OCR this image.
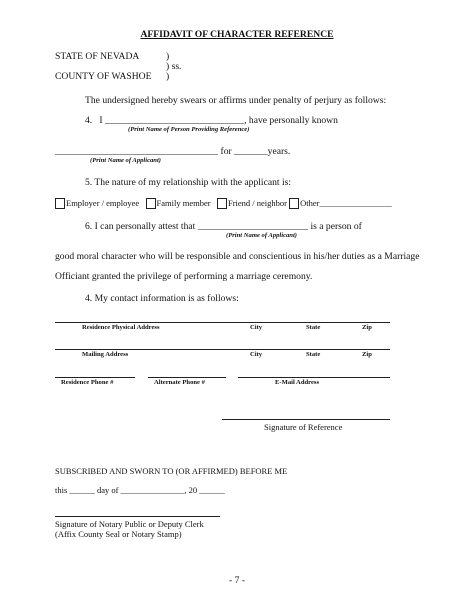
AFFIDAVIT OF CHARACTER REFERENCE
STATE OF NEVADA	)
) ss.
COUNTY OF WASHOE )
The undersigned hereby swears or affirms under penalty of perjury as follows:
4. I _____________________________, have personally known
(Print Name of Person Providing Reference)
__________________________________ for _______years.
(Print Name of Applicant)
5. The nature of my relationship with the applicant is:
Employer / employee Family member Friend / neighbor Other_________________
6. I can personally attest that _______________________ is a person of
(Print Name of Applicant)
good moral character who will be responsible and conscientious in his/her duties as a Marriage
Officiant granted the privilege of performing a marriage ceremony.
4. My contact information is as follows:
Residence Physical Address	City	State	Zip
Mailing Address	City	State	Zip
Residence Phone #	Alternate Phone #	E-Mail Address
Signature of Reference
SUBSCRIBED AND SWORN TO (OR AFFIRMED) BEFORE ME
this ______ day of _______________, 20 ______
Signature of Notary Public or Deputy Clerk
(Affix County Seal or Notary Stamp)
- 7 -
